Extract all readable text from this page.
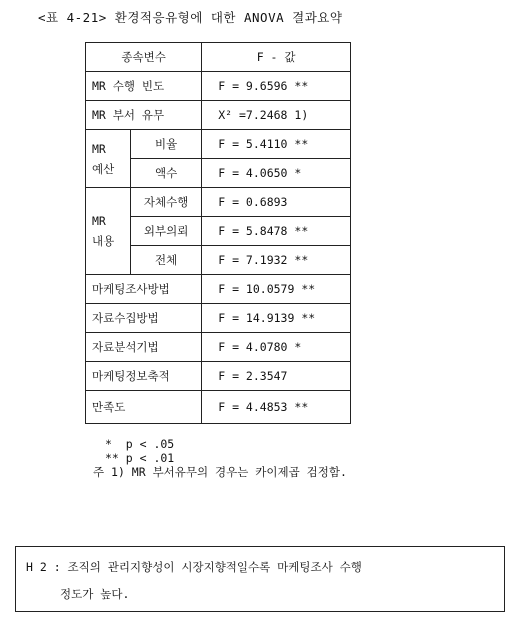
<표 4-21> 환경적응유형에 대한 ANOVA 결과요약
종속변수		F - 값
MR 수행 빈도		F = 9.6596 **
MR 부서 유무		X² =7.2468 1)

MR
예산	비율	F = 5.4110 **
	액수	F = 4.0650 *

MR
내용	자체수행	F = 0.6893
	외부의뢰	F = 5.8478 **
	전체	F = 7.1932 **
마케팅조사방법		F = 10.0579 **
자료수집방법		F = 14.9139 **
자료분석기법		F = 4.0780 *
마케팅정보축적		F = 2.3547
만족도		F = 4.4853 **
*  p < .05
** p < .01
주 1) MR 부서유무의 경우는 카이제곱 검정함.
H 2 : 조직의 관리지향성이 시장지향적일수록 마케팅조사 수행
정도가 높다.
